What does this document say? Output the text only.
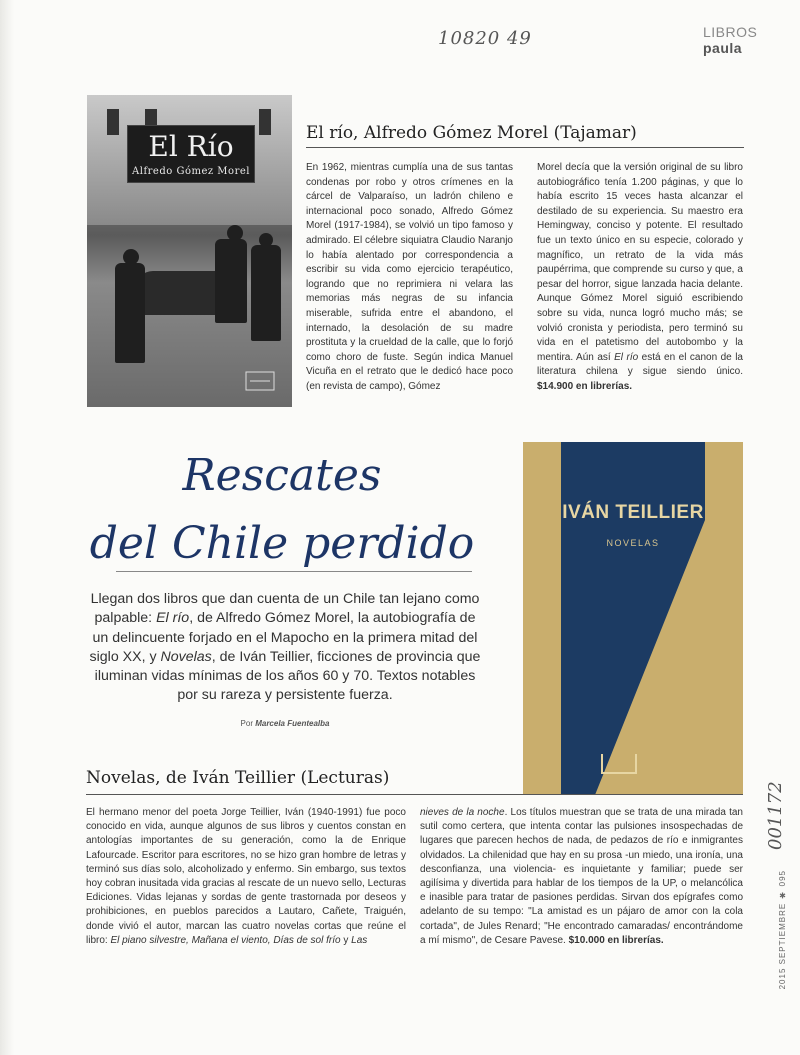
10820 49	LIBROS paula
El Río
Alfredo Gómez Morel
El río, Alfredo Gómez Morel (Tajamar)
En 1962, mientras cumplía una de sus tantas condenas por robo y otros crímenes en la cárcel de Valparaíso, un ladrón chileno e internacional poco sonado, Alfredo Gómez Morel (1917-1984), se volvió un tipo famoso y admirado. El célebre siquiatra Claudio Naranjo lo había alentado por correspondencia a escribir su vida como ejercicio terapéutico, logrando que no reprimiera ni velara las memorias más negras de su infancia miserable, sufrida entre el abandono, el internado, la desolación de su madre prostituta y la crueldad de la calle, que lo forjó como choro de fuste. Según indica Manuel Vicuña en el retrato que le dedicó hace poco (en revista de campo), Gómez
Morel decía que la versión original de su libro autobiográfico tenía 1.200 páginas, y que lo había escrito 15 veces hasta alcanzar el destilado de su experiencia. Su maestro era Hemingway, conciso y potente. El resultado fue un texto único en su especie, colorado y magnífico, un retrato de la vida más paupérrima, que comprende su curso y que, a pesar del horror, sigue lanzada hacia delante. Aunque Gómez Morel siguió escribiendo sobre su vida, nunca logró mucho más; se volvió cronista y periodista, pero terminó su vida en el patetismo del autobombo y la mentira. Aún así El río está en el canon de la literatura chilena y sigue siendo único. $14.900 en librerías.
Rescates
del Chile perdido
Llegan dos libros que dan cuenta de un Chile tan lejano como palpable: El río, de Alfredo Gómez Morel, la autobiografía de un delincuente forjado en el Mapocho en la primera mitad del siglo XX, y Novelas, de Iván Teillier, ficciones de provincia que iluminan vidas mínimas de los años 60 y 70. Textos notables por su rareza y persistente fuerza.
Por Marcela Fuentealba
IVÁN TEILLIER
NOVELAS
Novelas, de Iván Teillier (Lecturas)
El hermano menor del poeta Jorge Teillier, Iván (1940-1991) fue poco conocido en vida, aunque algunos de sus libros y cuentos constan en antologías importantes de su generación, como la de Enrique Lafourcade. Escritor para escritores, no se hizo gran hombre de letras y terminó sus días solo, alcoholizado y enfermo. Sin embargo, sus textos hoy cobran inusitada vida gracias al rescate de un nuevo sello, Lecturas Ediciones. Vidas lejanas y sordas de gente trastornada por deseos y prohibiciones, en pueblos parecidos a Lautaro, Cañete, Traiguén, donde vivió el autor, marcan las cuatro novelas cortas que reúne el libro: El piano silvestre, Mañana el viento, Días de sol frío y Las
nieves de la noche. Los títulos muestran que se trata de una mirada tan sutil como certera, que intenta contar las pulsiones insospechadas de lugares que parecen hechos de nada, de pedazos de río e inmigrantes olvidados. La chilenidad que hay en su prosa -un miedo, una ironía, una desconfianza, una violencia- es inquietante y familiar; puede ser agilísima y divertida para hablar de los tiempos de la UP, o melancólica e inasible para tratar de pasiones perdidas. Sirvan dos epígrafes como adelanto de su tempo: "La amistad es un pájaro de amor con la cola cortada", de Jules Renard; "He encontrado camaradas/ encontrándome a mí mismo", de Cesare Pavese. $10.000 en librerías.
001172
2015 SEPTIEMBRE ✱ 095
